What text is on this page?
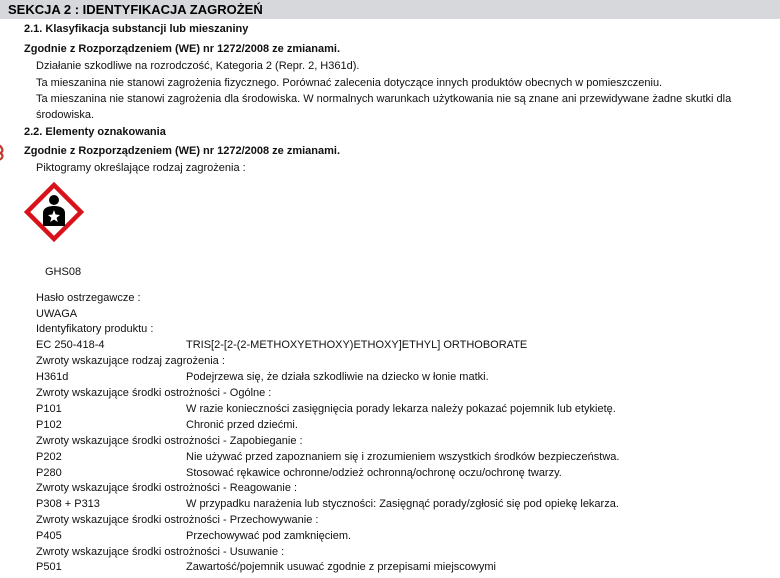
SEKCJA 2 : IDENTYFIKACJA ZAGROŻEŃ
2.1. Klasyfikacja substancji lub mieszaniny
Zgodnie z Rozporządzeniem (WE) nr 1272/2008 ze zmianami.
Działanie szkodliwe na rozrodczość, Kategoria 2 (Repr. 2, H361d).
Ta mieszanina nie stanowi zagrożenia fizycznego. Porównać zalecenia dotyczące innych produktów obecnych w pomieszczeniu.
Ta mieszanina nie stanowi zagrożenia dla środowiska. W normalnych warunkach użytkowania nie są znane ani przewidywane żadne skutki dla
środowiska.
2.2. Elementy oznakowania
Zgodnie z Rozporządzeniem (WE) nr 1272/2008 ze zmianami.
Piktogramy określające rodzaj zagrożenia :
GHS08
Hasło ostrzegawcze :
UWAGA
Identyfikatory produktu :
EC 250-418-4	TRIS[2-[2-(2-METHOXYETHOXY)ETHOXY]ETHYL] ORTHOBORATE
Zwroty wskazujące rodzaj zagrożenia :
H361d	Podejrzewa się, że działa szkodliwie na dziecko w łonie matki.
Zwroty wskazujące środki ostrożności - Ogólne :
P101	W razie konieczności zasięgnięcia porady lekarza należy pokazać pojemnik lub etykietę.
P102	Chronić przed dziećmi.
Zwroty wskazujące środki ostrożności - Zapobieganie :
P202	Nie używać przed zapoznaniem się i zrozumieniem wszystkich środków bezpieczeństwa.
P280	Stosować rękawice ochronne/odzież ochronną/ochronę oczu/ochronę twarzy.
Zwroty wskazujące środki ostrożności - Reagowanie :
P308 + P313	W przypadku narażenia lub styczności: Zasięgnąć porady/zgłosić się pod opiekę lekarza.
Zwroty wskazujące środki ostrożności - Przechowywanie :
P405	Przechowywać pod zamknięciem.
Zwroty wskazujące środki ostrożności - Usuwanie :
P501	Zawartość/pojemnik usuwać zgodnie z przepisami miejscowymi
